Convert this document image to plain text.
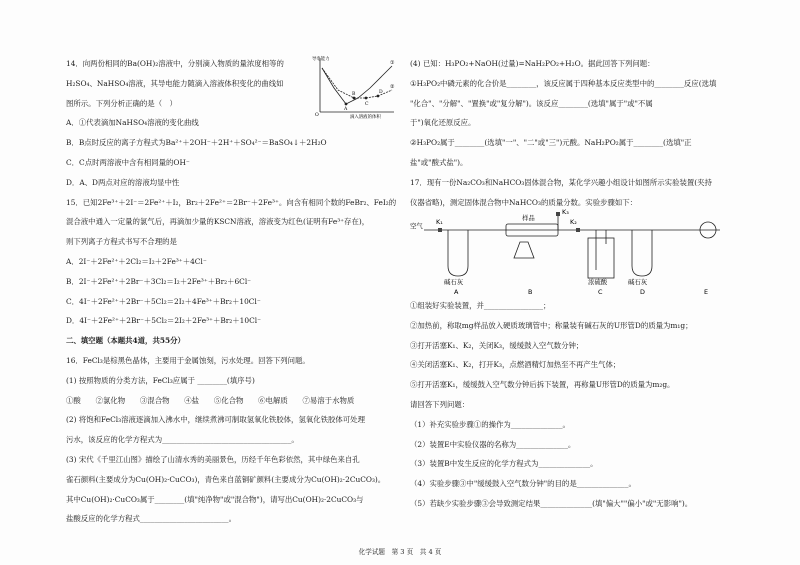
14．向两份相同的Ba(OH)₂溶液中，分别滴入物质的量浓度相等的

H₂SO₄、NaHSO₄溶液，其导电能力随滴入溶液体积变化的曲线如

图所示。下列分析正确的是（　）

A．①代表滴加NaHSO₄溶液的变化曲线

B．B点时反应的离子方程式为Ba²⁺＋2OH⁻＋2H⁺＋SO₄²⁻＝BaSO₄↓＋2H₂O

C．C点时两溶液中含有相同量的OH⁻

D．A、D两点对应的溶液均显中性

15．已知2Fe³⁺＋2I⁻＝2Fe²⁺＋I₂，Br₂＋2Fe²⁺＝2Br⁻＋2Fe³⁺。向含有相同个数的FeBr₂、FeI₂的

混合液中通入一定量的氯气后，再滴加少量的KSCN溶液，溶液变为红色(证明有Fe³⁺存在)，

则下列离子方程式书写不合理的是

A．2I⁻＋2Fe²⁺＋2Cl₂＝I₂＋2Fe³⁺＋4Cl⁻

B．2I⁻＋2Fe²⁺＋2Br⁻＋3Cl₂＝I₂＋2Fe³⁺＋Br₂＋6Cl⁻

C．4I⁻＋2Fe²⁺＋2Br⁻＋5Cl₂＝2I₂＋4Fe³⁺＋Br₂＋10Cl⁻

D．4I⁻＋2Fe²⁺＋2Br⁻＋5Cl₂＝2I₂＋2Fe³⁺＋Br₂＋10Cl⁻

二、填空题（本题共4道，共55分）

16．FeCl₃是棕黑色晶体，主要用于金属蚀刻，污水处理。回答下列问题。

(1) 按照物质的分类方法，FeCl₃应属于 ________(填序号)

①酸　　②氯化物　　③混合物　　④盐　　⑤化合物　　⑥电解质　　⑦易溶于水物质

(2) 将饱和FeCl₃溶液逐滴加入沸水中，继续煮沸可制取氢氧化铁胶体，氢氧化铁胶体可处理

污水，该反应的化学方程式为___________________________________。

(3) 宋代《千里江山图》描绘了山清水秀的美丽景色，历经千年色彩依然，其中绿色来自孔

雀石颜料(主要成分为Cu(OH)₂·CuCO₃)，青色来自蓝铜矿颜料(主要成分为Cu(OH)₂·2CuCO₃)。

其中Cu(OH)₂·CuCO₃属于________(填"纯净物"或"混合物")，请写出Cu(OH)₂·2CuCO₃与

盐酸反应的化学方程式________________________。

导电能力
滴入溶液的体积
O
①
②
A
B
C
D

(4) 已知：H₃PO₂+NaOH(过量)=NaH₂PO₂+H₂O。据此回答下列问题：

①H₃PO₂中磷元素的化合价是________，该反应属于四种基本反应类型中的________反应(选填

"化合"、"分解"、"置换"或"复分解")。该反应________(选填"属于"或"不属

于")氧化还原反应。

②H₃PO₂属于________(选填"一"、"二"或"三")元酸。NaH₂PO₂属于________(选填"正

盐"或"酸式盐")。

17．现有一份Na₂CO₃和NaHCO₃固体混合物，某化学兴趣小组设计如图所示实验装置(夹持

仪器省略)，测定固体混合物中NaHCO₃的质量分数。实验步骤如下：

空气
样品
K₁	K₂
K₃
碱石灰	浓硫酸	碱石灰
A	B	C	D	E

①组装好实验装置，并________________；

②加热前，称取mg样品放入硬质玻璃管中；称量装有碱石灰的U形管D的质量为m₁g；

③打开活塞K₁、K₂，关闭K₃，缓缓鼓入空气数分钟；

④关闭活塞K₁、K₂，打开K₃，点燃酒精灯加热至不再产生气体；

⑤打开活塞K₁，缓缓鼓入空气数分钟后拆下装置，再称量U形管D的质量为m₂g。

请回答下列问题：

（1）补充实验步骤①的操作为______________。

（2）装置E中实验仪器的名称为______________。

（3）装置B中发生反应的化学方程式为______________。

（4）实验步骤③中"缓缓鼓入空气数分钟"的目的是______________。

（5）若缺少实验步骤③会导致测定结果______________(填"偏大""偏小"或"无影响")。

化学试题　第 3 页　共 4 页
